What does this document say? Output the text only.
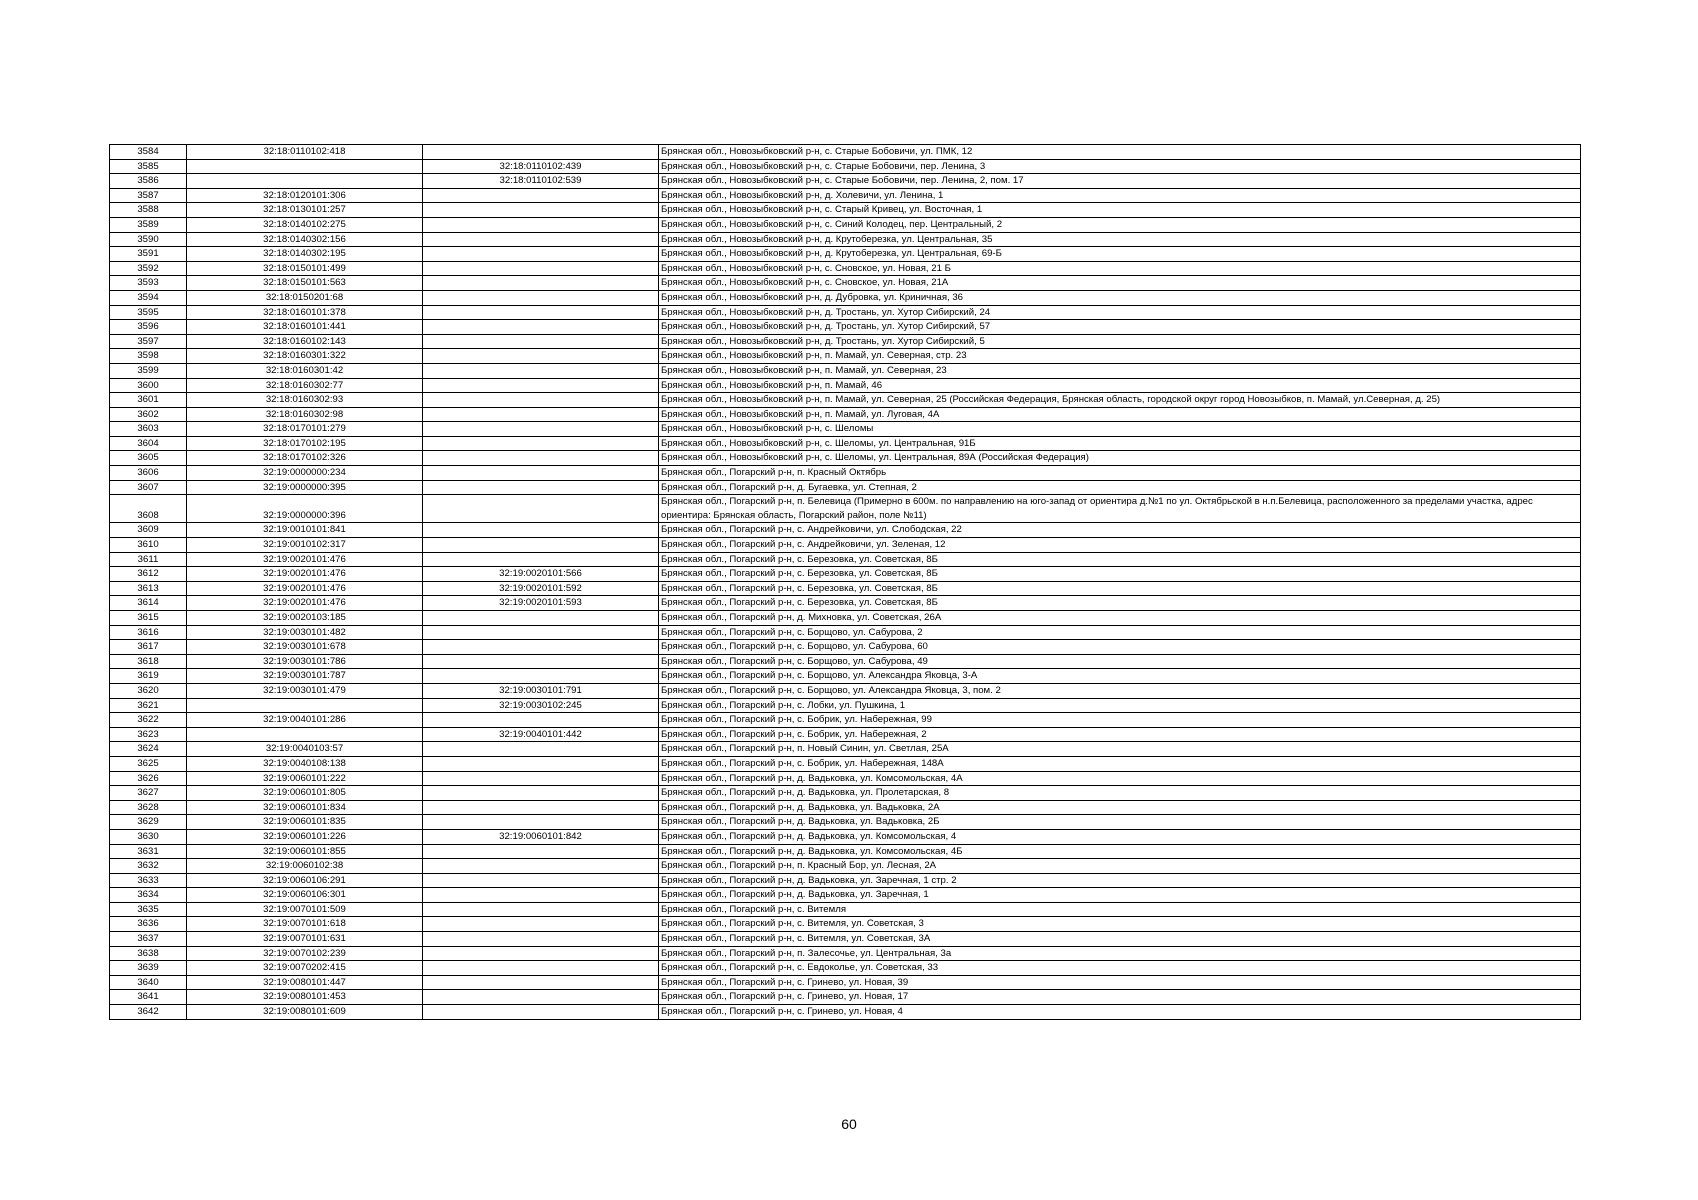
3584	32:18:0110102:418		Брянская обл., Новозыбковский р-н, с. Старые Бобовичи, ул. ПМК, 12
3585		32:18:0110102:439	Брянская обл., Новозыбковский р-н, с. Старые Бобовичи, пер. Ленина, 3
3586		32:18:0110102:539	Брянская обл., Новозыбковский р-н, с. Старые Бобовичи, пер. Ленина, 2, пом. 17
3587	32:18:0120101:306		Брянская обл., Новозыбковский р-н, д. Холевичи, ул. Ленина, 1
3588	32:18:0130101:257		Брянская обл., Новозыбковский р-н, с. Старый Кривец, ул. Восточная, 1
3589	32:18:0140102:275		Брянская обл., Новозыбковский р-н, с. Синий Колодец, пер. Центральный, 2
3590	32:18:0140302:156		Брянская обл., Новозыбковский р-н, д. Крутоберезка, ул. Центральная, 35
3591	32:18:0140302:195		Брянская обл., Новозыбковский р-н, д. Крутоберезка, ул. Центральная, 69-Б
3592	32:18:0150101:499		Брянская обл., Новозыбковский р-н, с. Сновское, ул. Новая, 21 Б
3593	32:18:0150101:563		Брянская обл., Новозыбковский р-н, с. Сновское, ул. Новая, 21А
3594	32:18:0150201:68		Брянская обл., Новозыбковский р-н, д. Дубровка, ул. Криничная, 36
3595	32:18:0160101:378		Брянская обл., Новозыбковский р-н, д. Тростань, ул. Хутор Сибирский, 24
3596	32:18:0160101:441		Брянская обл., Новозыбковский р-н, д. Тростань, ул. Хутор Сибирский, 57
3597	32:18:0160102:143		Брянская обл., Новозыбковский р-н, д. Тростань, ул. Хутор Сибирский, 5
3598	32:18:0160301:322		Брянская обл., Новозыбковский р-н, п. Мамай, ул. Северная, стр. 23
3599	32:18:0160301:42		Брянская обл., Новозыбковский р-н, п. Мамай, ул. Северная, 23
3600	32:18:0160302:77		Брянская обл., Новозыбковский р-н, п. Мамай, 46
3601	32:18:0160302:93		Брянская обл., Новозыбковский р-н, п. Мамай, ул. Северная, 25 (Российская Федерация, Брянская область, городской округ город Новозыбков, п. Мамай, ул.Северная, д. 25)
3602	32:18:0160302:98		Брянская обл., Новозыбковский р-н, п. Мамай, ул. Луговая, 4А
3603	32:18:0170101:279		Брянская обл., Новозыбковский р-н, с. Шеломы
3604	32:18:0170102:195		Брянская обл., Новозыбковский р-н, с. Шеломы, ул. Центральная, 91Б
3605	32:18:0170102:326		Брянская обл., Новозыбковский р-н, с. Шеломы, ул. Центральная, 89А (Российская Федерация)
3606	32:19:0000000:234		Брянская обл., Погарский р-н, п. Красный Октябрь
3607	32:19:0000000:395		Брянская обл., Погарский р-н, д. Бугаевка, ул. Степная, 2
3608	32:19:0000000:396		Брянская обл., Погарский р-н, п. Белевица (Примерно в 600м. по направлению на юго-запад от ориентира д.№1 по ул. Октябрьской в н.п.Белевица, расположенного за пределами участка, адрес ориентира: Брянская область, Погарский район, поле №11)
3609	32:19:0010101:841		Брянская обл., Погарский р-н, с. Андрейковичи, ул. Слободская, 22
3610	32:19:0010102:317		Брянская обл., Погарский р-н, с. Андрейковичи, ул. Зеленая, 12
3611	32:19:0020101:476		Брянская обл., Погарский р-н, с. Березовка, ул. Советская, 8Б
3612	32:19:0020101:476	32:19:0020101:566	Брянская обл., Погарский р-н, с. Березовка, ул. Советская, 8Б
3613	32:19:0020101:476	32:19:0020101:592	Брянская обл., Погарский р-н, с. Березовка, ул. Советская, 8Б
3614	32:19:0020101:476	32:19:0020101:593	Брянская обл., Погарский р-н, с. Березовка, ул. Советская, 8Б
3615	32:19:0020103:185		Брянская обл., Погарский р-н, д. Михновка, ул. Советская, 26А
3616	32:19:0030101:482		Брянская обл., Погарский р-н, с. Борщово, ул. Сабурова, 2
3617	32:19:0030101:678		Брянская обл., Погарский р-н, с. Борщово, ул. Сабурова, 60
3618	32:19:0030101:786		Брянская обл., Погарский р-н, с. Борщово, ул. Сабурова, 49
3619	32:19:0030101:787		Брянская обл., Погарский р-н, с. Борщово, ул. Александра Яковца, 3-А
3620	32:19:0030101:479	32:19:0030101:791	Брянская обл., Погарский р-н, с. Борщово, ул. Александра Яковца, 3, пом. 2
3621		32:19:0030102:245	Брянская обл., Погарский р-н, с. Лобки, ул. Пушкина, 1
3622	32:19:0040101:286		Брянская обл., Погарский р-н, с. Бобрик, ул. Набережная, 99
3623		32:19:0040101:442	Брянская обл., Погарский р-н, с. Бобрик, ул. Набережная, 2
3624	32:19:0040103:57		Брянская обл., Погарский р-н, п. Новый Синин, ул. Светлая, 25А
3625	32:19:0040108:138		Брянская обл., Погарский р-н, с. Бобрик, ул. Набережная, 148А
3626	32:19:0060101:222		Брянская обл., Погарский р-н, д. Вадьковка, ул. Комсомольская, 4А
3627	32:19:0060101:805		Брянская обл., Погарский р-н, д. Вадьковка, ул. Пролетарская, 8
3628	32:19:0060101:834		Брянская обл., Погарский р-н, д. Вадьковка, ул. Вадьковка, 2А
3629	32:19:0060101:835		Брянская обл., Погарский р-н, д. Вадьковка, ул. Вадьковка, 2Б
3630	32:19:0060101:226	32:19:0060101:842	Брянская обл., Погарский р-н, д. Вадьковка, ул. Комсомольская, 4
3631	32:19:0060101:855		Брянская обл., Погарский р-н, д. Вадьковка, ул. Комсомольская, 4Б
3632	32:19:0060102:38		Брянская обл., Погарский р-н, п. Красный Бор, ул. Лесная, 2А
3633	32:19:0060106:291		Брянская обл., Погарский р-н, д. Вадьковка, ул. Заречная, 1 стр. 2
3634	32:19:0060106:301		Брянская обл., Погарский р-н, д. Вадьковка, ул. Заречная, 1
3635	32:19:0070101:509		Брянская обл., Погарский р-н, с. Витемля
3636	32:19:0070101:618		Брянская обл., Погарский р-н, с. Витемля, ул. Советская, 3
3637	32:19:0070101:631		Брянская обл., Погарский р-н, с. Витемля, ул. Советская, 3А
3638	32:19:0070102:239		Брянская обл., Погарский р-н, п. Залесочье, ул. Центральная, 3а
3639	32:19:0070202:415		Брянская обл., Погарский р-н, с. Евдоколье, ул. Советская, 33
3640	32:19:0080101:447		Брянская обл., Погарский р-н, с. Гринево, ул. Новая, 39
3641	32:19:0080101:453		Брянская обл., Погарский р-н, с. Гринево, ул. Новая, 17
3642	32:19:0080101:609		Брянская обл., Погарский р-н, с. Гринево, ул. Новая, 4
60
